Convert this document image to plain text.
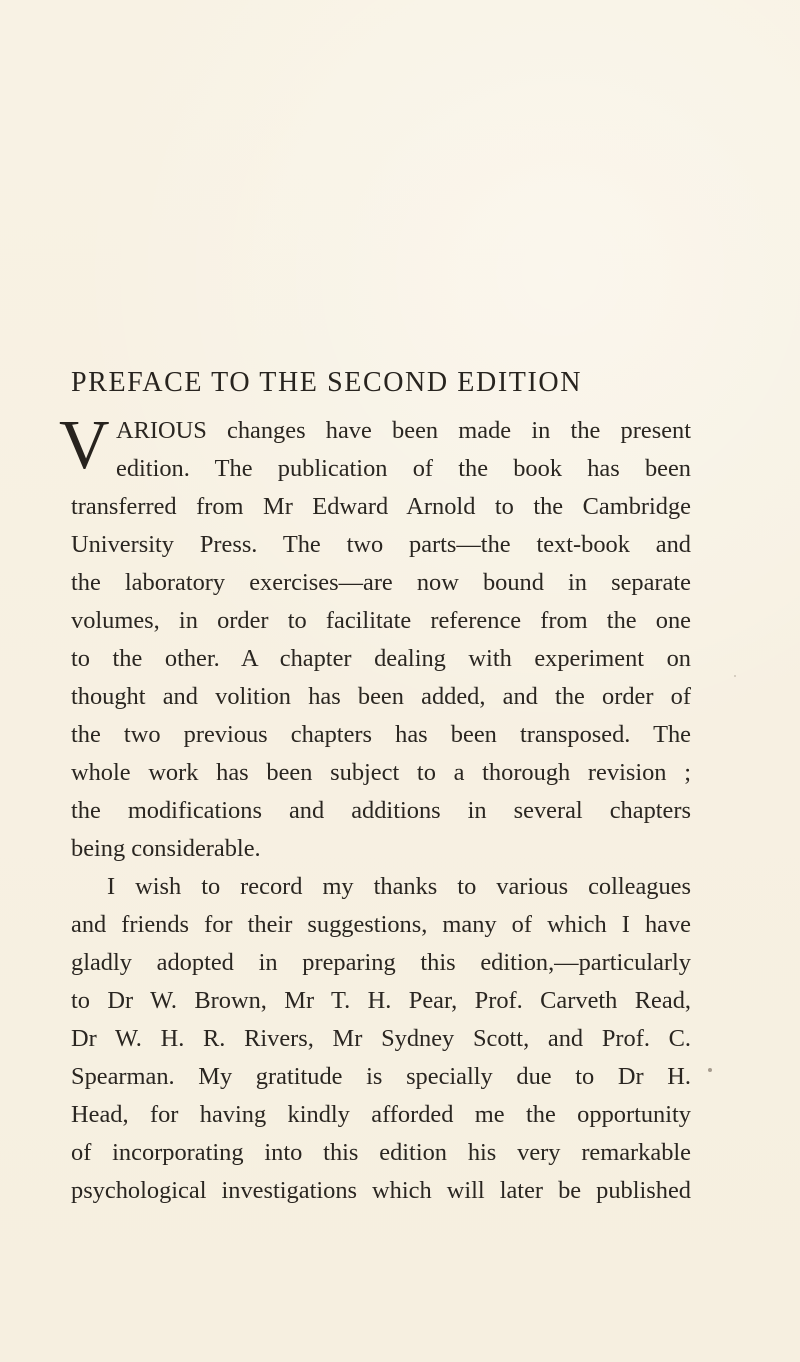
PREFACE TO THE SECOND EDITION
V ARIOUS changes have been made in the present
edition. The publication of the book has been
transferred from Mr Edward Arnold to the Cambridge
University Press. The two parts—the text-book and
the laboratory exercises—are now bound in separate
volumes, in order to facilitate reference from the one
to the other. A chapter dealing with experiment on
thought and volition has been added, and the order of
the two previous chapters has been transposed. The
whole work has been subject to a thorough revision ;
the modifications and additions in several chapters
being considerable.
I wish to record my thanks to various colleagues
and friends for their suggestions, many of which I have
gladly adopted in preparing this edition,—particularly
to Dr W. Brown, Mr T. H. Pear, Prof. Carveth Read,
Dr W. H. R. Rivers, Mr Sydney Scott, and Prof. C.
Spearman. My gratitude is specially due to Dr H.
Head, for having kindly afforded me the opportunity
of incorporating into this edition his very remarkable
psychological investigations which will later be published
